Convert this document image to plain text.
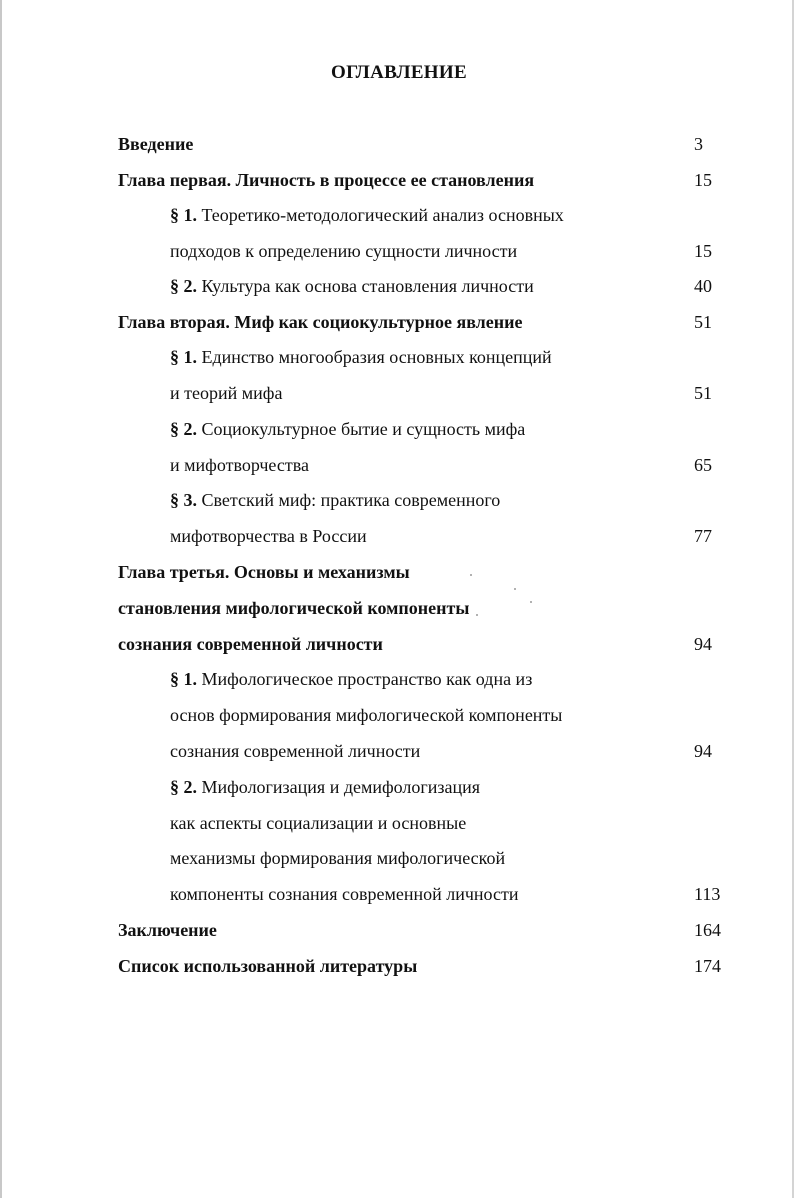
ОГЛАВЛЕНИЕ
Введение	3
Глава первая. Личность в процессе ее становления	15
§ 1. Теоретико-методологический анализ основных
подходов к определению сущности личности	15
§ 2. Культура как основа становления личности	40
Глава вторая. Миф как социокультурное явление	51
§ 1. Единство многообразия основных концепций
и теорий мифа	51
§ 2. Социокультурное бытие и сущность мифа
и мифотворчества	65
§ 3. Светский миф: практика современного
мифотворчества в России	77
Глава третья. Основы и механизмы
становления мифологической компоненты
сознания современной личности	94
§ 1. Мифологическое пространство как одна из
основ формирования мифологической компоненты
сознания современной личности	94
§ 2. Мифологизация и демифологизация
как аспекты социализации и основные
механизмы формирования мифологической
компоненты сознания современной личности	113
Заключение	164
Список использованной литературы	174
